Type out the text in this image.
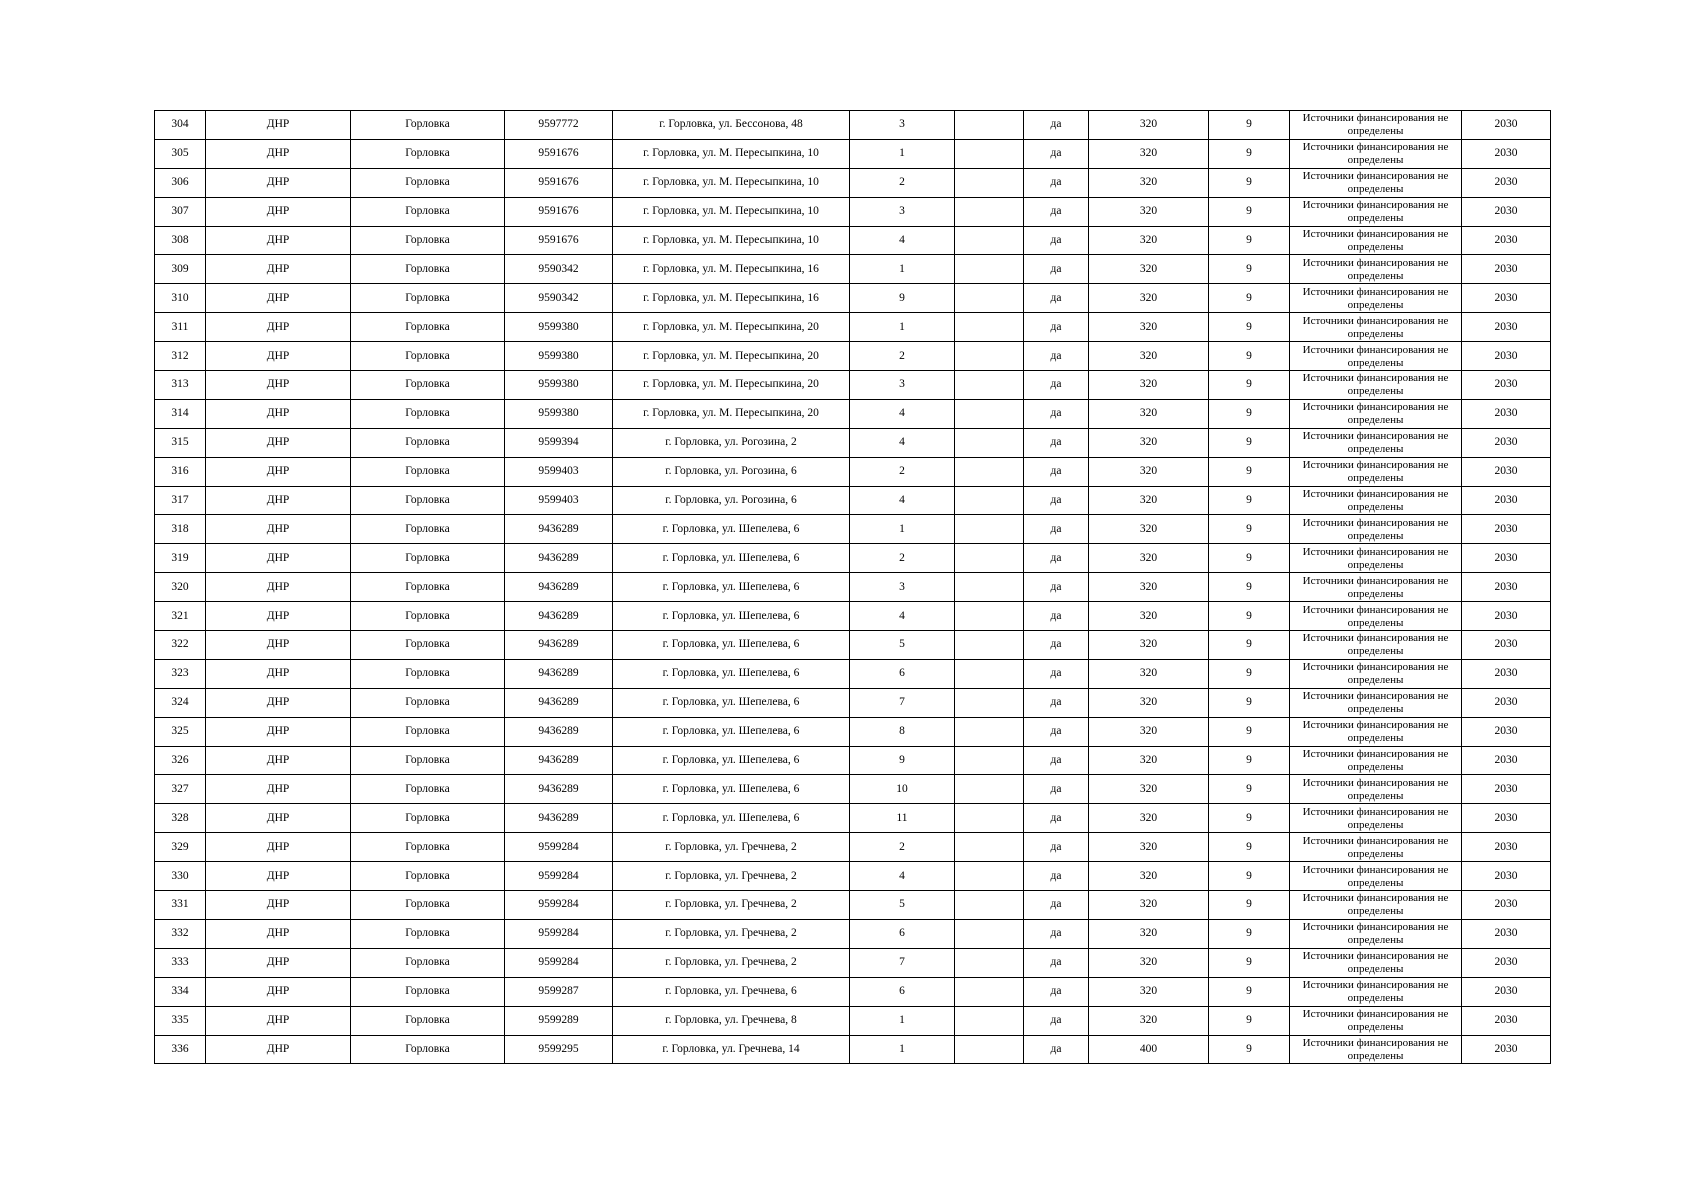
304	ДНР	Горловка	9597772	г. Горловка, ул. Бессонова, 48	3		да	320	9	Источники финансирования не определены	2030
305	ДНР	Горловка	9591676	г. Горловка, ул. М. Пересыпкина, 10	1		да	320	9	Источники финансирования не определены	2030
306	ДНР	Горловка	9591676	г. Горловка, ул. М. Пересыпкина, 10	2		да	320	9	Источники финансирования не определены	2030
307	ДНР	Горловка	9591676	г. Горловка, ул. М. Пересыпкина, 10	3		да	320	9	Источники финансирования не определены	2030
308	ДНР	Горловка	9591676	г. Горловка, ул. М. Пересыпкина, 10	4		да	320	9	Источники финансирования не определены	2030
309	ДНР	Горловка	9590342	г. Горловка, ул. М. Пересыпкина, 16	1		да	320	9	Источники финансирования не определены	2030
310	ДНР	Горловка	9590342	г. Горловка, ул. М. Пересыпкина, 16	9		да	320	9	Источники финансирования не определены	2030
311	ДНР	Горловка	9599380	г. Горловка, ул. М. Пересыпкина, 20	1		да	320	9	Источники финансирования не определены	2030
312	ДНР	Горловка	9599380	г. Горловка, ул. М. Пересыпкина, 20	2		да	320	9	Источники финансирования не определены	2030
313	ДНР	Горловка	9599380	г. Горловка, ул. М. Пересыпкина, 20	3		да	320	9	Источники финансирования не определены	2030
314	ДНР	Горловка	9599380	г. Горловка, ул. М. Пересыпкина, 20	4		да	320	9	Источники финансирования не определены	2030
315	ДНР	Горловка	9599394	г. Горловка, ул. Рогозина, 2	4		да	320	9	Источники финансирования не определены	2030
316	ДНР	Горловка	9599403	г. Горловка, ул. Рогозина, 6	2		да	320	9	Источники финансирования не определены	2030
317	ДНР	Горловка	9599403	г. Горловка, ул. Рогозина, 6	4		да	320	9	Источники финансирования не определены	2030
318	ДНР	Горловка	9436289	г. Горловка, ул. Шепелева, 6	1		да	320	9	Источники финансирования не определены	2030
319	ДНР	Горловка	9436289	г. Горловка, ул. Шепелева, 6	2		да	320	9	Источники финансирования не определены	2030
320	ДНР	Горловка	9436289	г. Горловка, ул. Шепелева, 6	3		да	320	9	Источники финансирования не определены	2030
321	ДНР	Горловка	9436289	г. Горловка, ул. Шепелева, 6	4		да	320	9	Источники финансирования не определены	2030
322	ДНР	Горловка	9436289	г. Горловка, ул. Шепелева, 6	5		да	320	9	Источники финансирования не определены	2030
323	ДНР	Горловка	9436289	г. Горловка, ул. Шепелева, 6	6		да	320	9	Источники финансирования не определены	2030
324	ДНР	Горловка	9436289	г. Горловка, ул. Шепелева, 6	7		да	320	9	Источники финансирования не определены	2030
325	ДНР	Горловка	9436289	г. Горловка, ул. Шепелева, 6	8		да	320	9	Источники финансирования не определены	2030
326	ДНР	Горловка	9436289	г. Горловка, ул. Шепелева, 6	9		да	320	9	Источники финансирования не определены	2030
327	ДНР	Горловка	9436289	г. Горловка, ул. Шепелева, 6	10		да	320	9	Источники финансирования не определены	2030
328	ДНР	Горловка	9436289	г. Горловка, ул. Шепелева, 6	11		да	320	9	Источники финансирования не определены	2030
329	ДНР	Горловка	9599284	г. Горловка, ул. Гречнева, 2	2		да	320	9	Источники финансирования не определены	2030
330	ДНР	Горловка	9599284	г. Горловка, ул. Гречнева, 2	4		да	320	9	Источники финансирования не определены	2030
331	ДНР	Горловка	9599284	г. Горловка, ул. Гречнева, 2	5		да	320	9	Источники финансирования не определены	2030
332	ДНР	Горловка	9599284	г. Горловка, ул. Гречнева, 2	6		да	320	9	Источники финансирования не определены	2030
333	ДНР	Горловка	9599284	г. Горловка, ул. Гречнева, 2	7		да	320	9	Источники финансирования не определены	2030
334	ДНР	Горловка	9599287	г. Горловка, ул. Гречнева, 6	6		да	320	9	Источники финансирования не определены	2030
335	ДНР	Горловка	9599289	г. Горловка, ул. Гречнева, 8	1		да	320	9	Источники финансирования не определены	2030
336	ДНР	Горловка	9599295	г. Горловка, ул. Гречнева, 14	1		да	400	9	Источники финансирования не определены	2030
